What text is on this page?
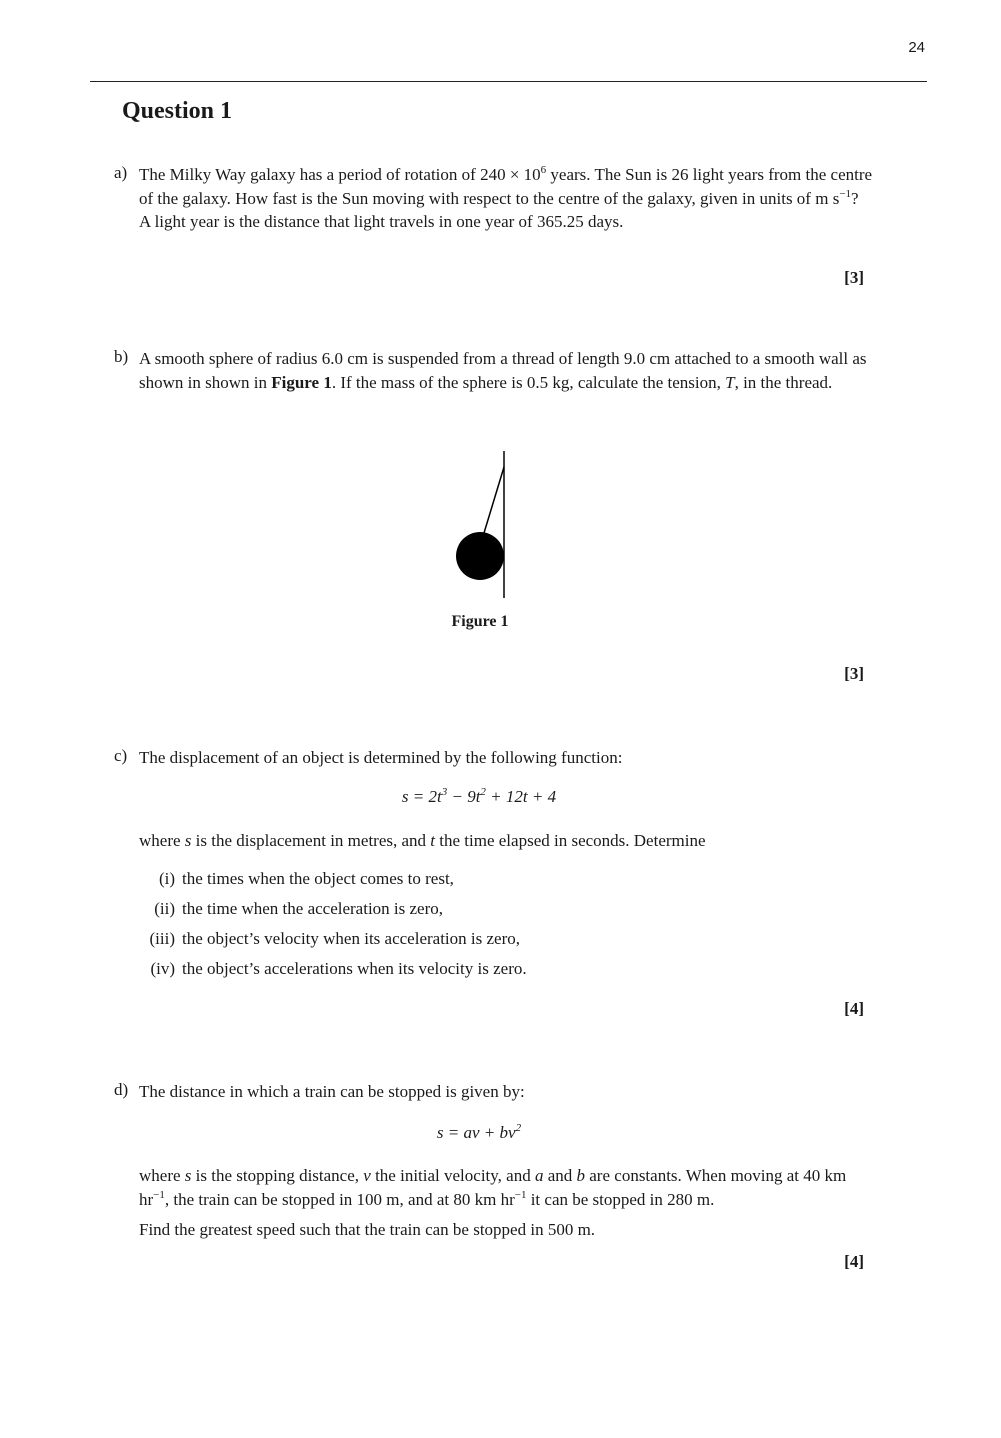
24
Question 1
a) The Milky Way galaxy has a period of rotation of $240 \times 10^6$ years. The Sun is 26 light years from the centre of the galaxy. How fast is the Sun moving with respect to the centre of the galaxy, given in units of m $s^{-1}$?

A light year is the distance that light travels in one year of 365.25 days.

[3]
b) A smooth sphere of radius 6.0 cm is suspended from a thread of length 9.0 cm attached to a smooth wall as shown in shown in Figure 1. If the mass of the sphere is 0.5 kg, calculate the tension, T, in the thread.

Figure 1
[3]
c) The displacement of an object is determined by the following function:
$s = 2t^3 - 9t^2 + 12t + 4$

where s is the displacement in metres, and t the time elapsed in seconds. Determine

(i) the times when the object comes to rest,
(ii) the time when the acceleration is zero,
(iii) the object’s velocity when its acceleration is zero,
(iv) the object’s accelerations when its velocity is zero.
[4]
d) The distance in which a train can be stopped is given by:
s = av + $bv^2$

where s is the stopping distance, v the initial velocity, and a and b are constants. When moving at 40 km $hr^{-1}$, the train can be stopped in 100 m, and at 80 km $hr^{-1}$ it can be stopped in 280 m.

Find the greatest speed such that the train can be stopped in 500 m.
[4]
